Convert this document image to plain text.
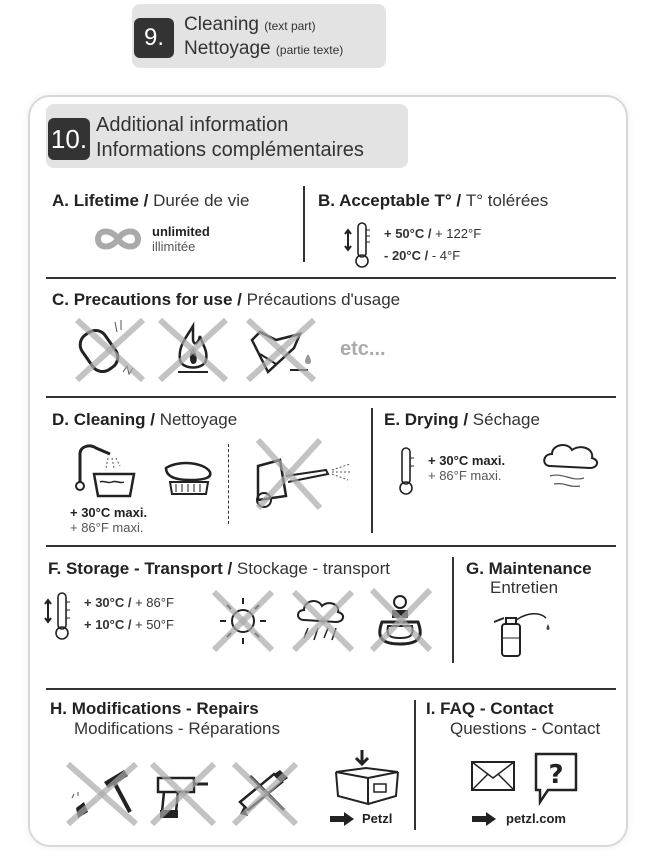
9.	Cleaning (text part)
Nettoyage (partie texte)
10. Additional information
Informations complémentaires
A. Lifetime / Durée de vie
unlimited
illimitée
B. Acceptable T° / T° tolérées
+ 50°C / + 122°F
- 20°C / - 4°F
C. Precautions for use / Précautions d'usage
etc...
D. Cleaning / Nettoyage
+ 30°C maxi.
+ 86°F maxi.
E. Drying / Séchage
+ 30°C maxi.
+ 86°F maxi.
F. Storage - Transport / Stockage - transport
+ 30°C / + 86°F
+ 10°C / + 50°F
G. Maintenance
Entretien
H. Modifications - Repairs
Modifications - Réparations
Petzl
I. FAQ - Contact
Questions - Contact
?
petzl.com
